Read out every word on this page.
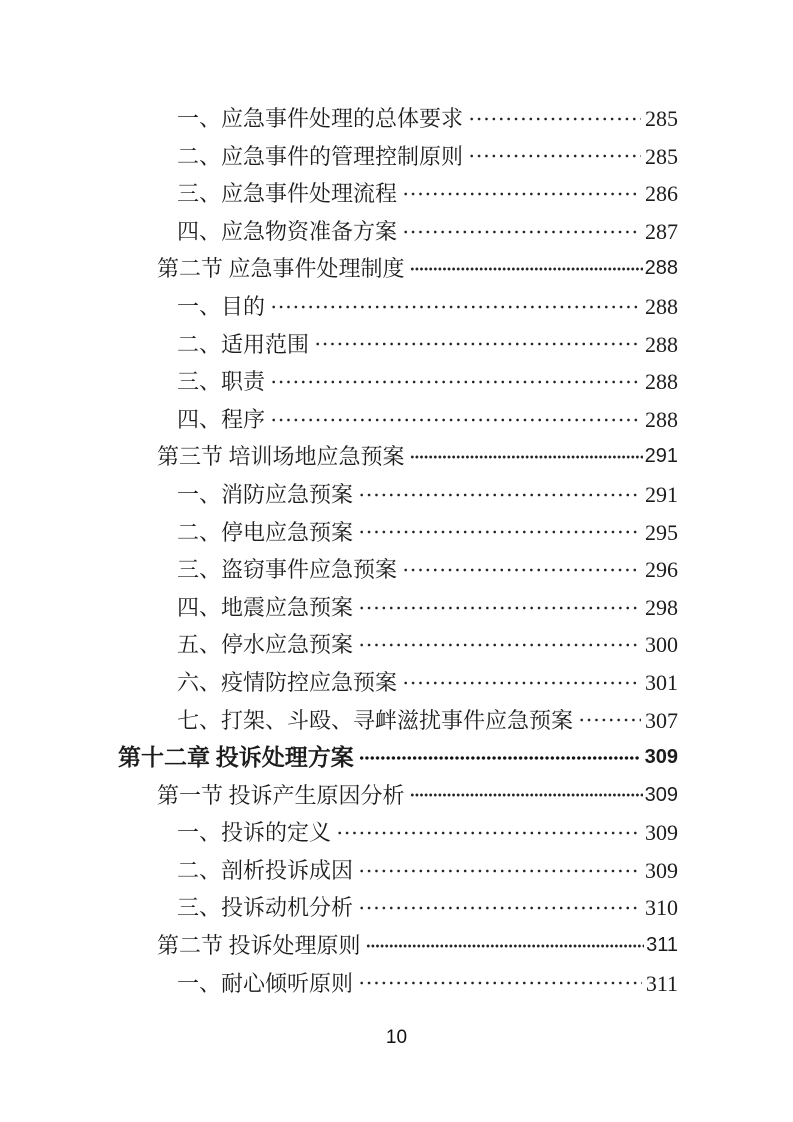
一、应急事件处理的总体要求	285
二、应急事件的管理控制原则	285
三、应急事件处理流程	286
四、应急物资准备方案	287
第二节 应急事件处理制度	288
一、目的	288
二、适用范围	288
三、职责	288
四、程序	288
第三节 培训场地应急预案	291
一、消防应急预案	291
二、停电应急预案	295
三、盗窃事件应急预案	296
四、地震应急预案	298
五、停水应急预案	300
六、疫情防控应急预案	301
七、打架、斗殴、寻衅滋扰事件应急预案	307
第十二章 投诉处理方案	309
第一节 投诉产生原因分析	309
一、投诉的定义	309
二、剖析投诉成因	309
三、投诉动机分析	310
第二节 投诉处理原则	311
一、耐心倾听原则	311
10
